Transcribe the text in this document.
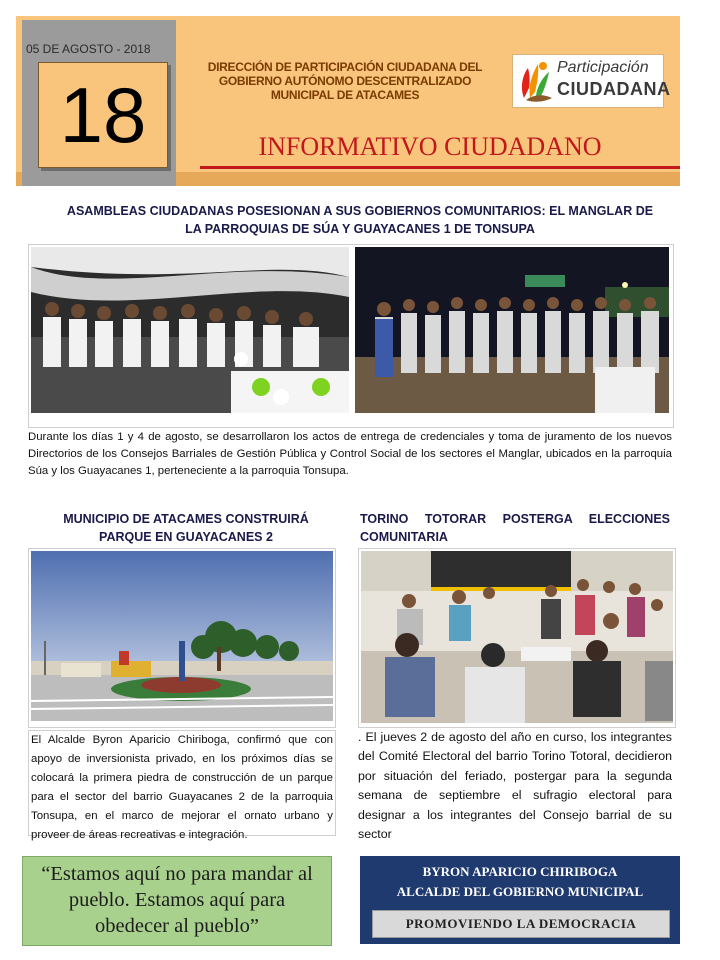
05 DE AGOSTO - 2018
18
DIRECCIÓN DE PARTICIPACIÓN CIUDADANA DEL
GOBIERNO AUTÓNOMO DESCENTRALIZADO
MUNICIPAL DE ATACAMES
Participación
CIUDADANA
INFORMATIVO CIUDADANO
ASAMBLEAS CIUDADANAS POSESIONAN A SUS GOBIERNOS COMUNITARIOS: EL MANGLAR DE LA PARROQUIAS DE SÚA Y GUAYACANES 1 DE TONSUPA
Durante los días 1 y 4 de agosto, se desarrollaron los actos de entrega de credenciales y toma de juramento de los nuevos Directorios de los Consejos Barriales de Gestión Pública y Control Social de los sectores el Manglar, ubicados en la parroquia Súa y los Guayacanes 1, perteneciente a la parroquia Tonsupa.
MUNICIPIO DE ATACAMES CONSTRUIRÁ PARQUE EN GUAYACANES 2
El Alcalde Byron Aparicio Chiriboga, confirmó que con apoyo de inversionista privado, en los próximos días se colocará la primera piedra de construcción de un parque para el sector del barrio Guayacanes 2 de la parroquia Tonsupa, en el marco de mejorar el ornato urbano y proveer de áreas recreativas e integración.
TORINO TOTORAR POSTERGA ELECCIONES
COMUNITARIA
. El jueves 2 de agosto del año en curso, los integrantes del Comité Electoral del barrio Torino Totoral, decidieron por situación del feriado, postergar para la segunda semana de septiembre el sufragio electoral para designar a los integrantes del Consejo barrial de su sector
“Estamos aquí no para mandar al pueblo. Estamos aquí para obedecer al pueblo”
BYRON APARICIO CHIRIBOGA
ALCALDE DEL GOBIERNO MUNICIPAL
PROMOVIENDO LA DEMOCRACIA
